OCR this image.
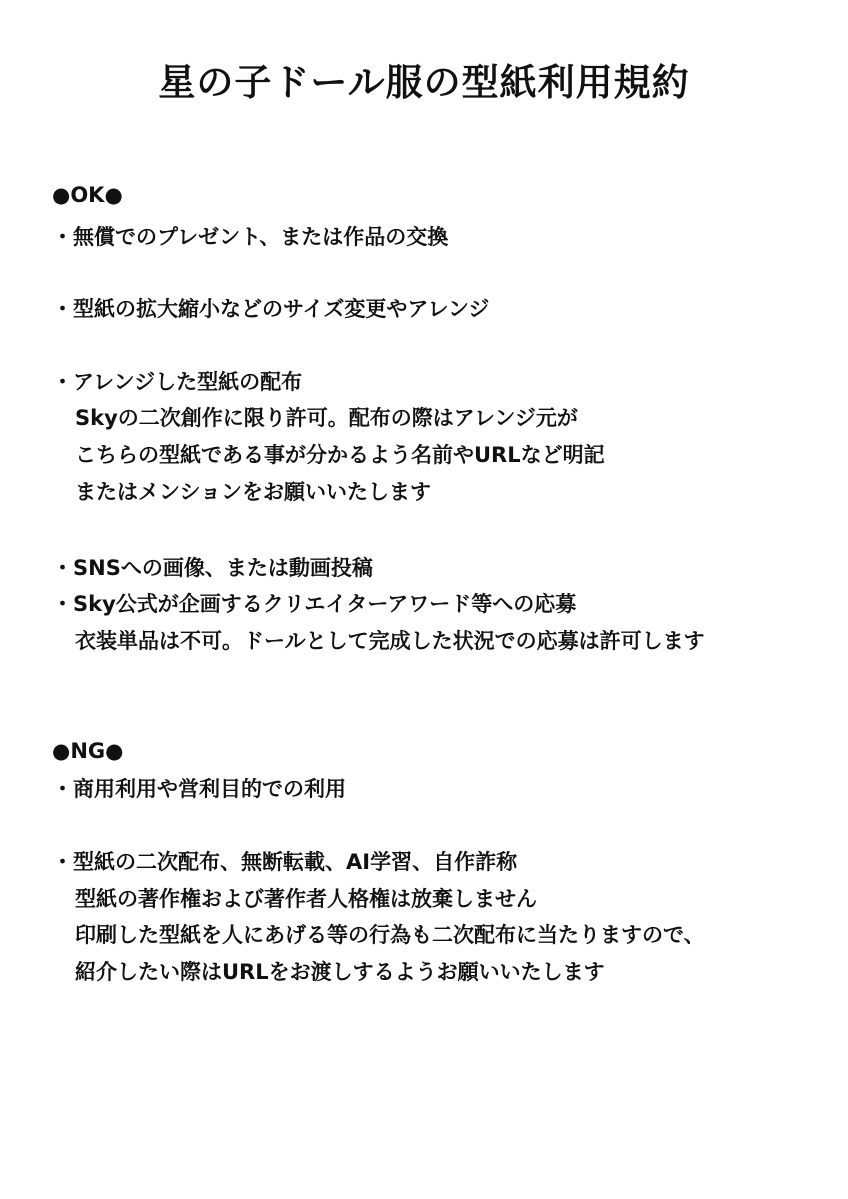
星の子ドール服の型紙利用規約
●OK●
・無償でのプレゼント、または作品の交換
・型紙の拡大縮小などのサイズ変更やアレンジ
・アレンジした型紙の配布
Skyの二次創作に限り許可。配布の際はアレンジ元が
こちらの型紙である事が分かるよう名前やURLなど明記
またはメンションをお願いいたします
・SNSへの画像、または動画投稿
・Sky公式が企画するクリエイターアワード等への応募
衣装単品は不可。ドールとして完成した状況での応募は許可します
●NG●
・商用利用や営利目的での利用
・型紙の二次配布、無断転載、AI学習、自作詐称
型紙の著作権および著作者人格権は放棄しません
印刷した型紙を人にあげる等の行為も二次配布に当たりますので、
紹介したい際はURLをお渡しするようお願いいたします
